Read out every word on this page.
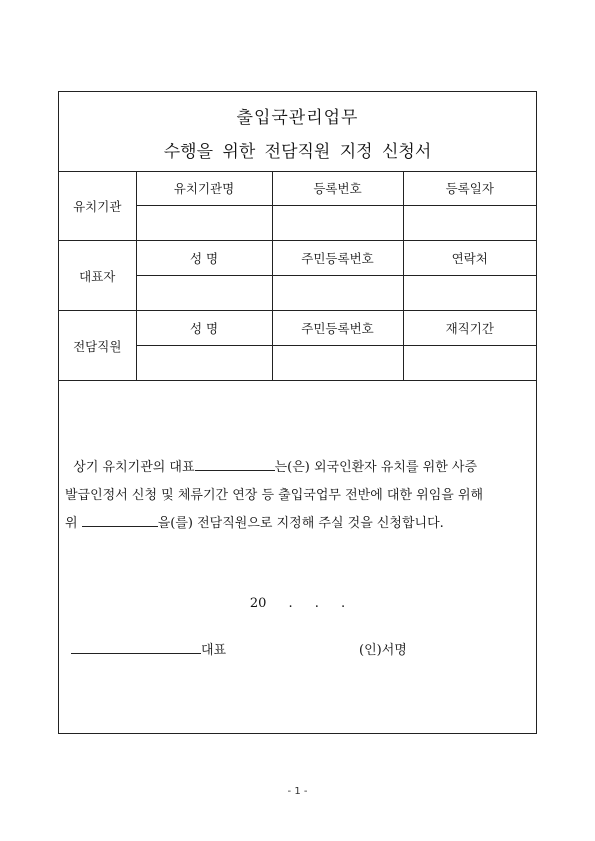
출입국관리업무
수행을 위한 전담직원 지정 신청서
유치기관	유치기관명	등록번호	등록일자

대표자	성 명	주민등록번호	연락처

전담직원	성 명	주민등록번호	재직기간

상기 유치기관의 대표	는(은) 외국인환자 유치를 위한 사증
발급인정서 신청 및 체류기간 연장 등 출입국업무 전반에 대한 위임을 위해
위	을(를) 전담직원으로 지정해 주실 것을 신청합니다.
20 . . .
대표	(인)서명
- 1 -
